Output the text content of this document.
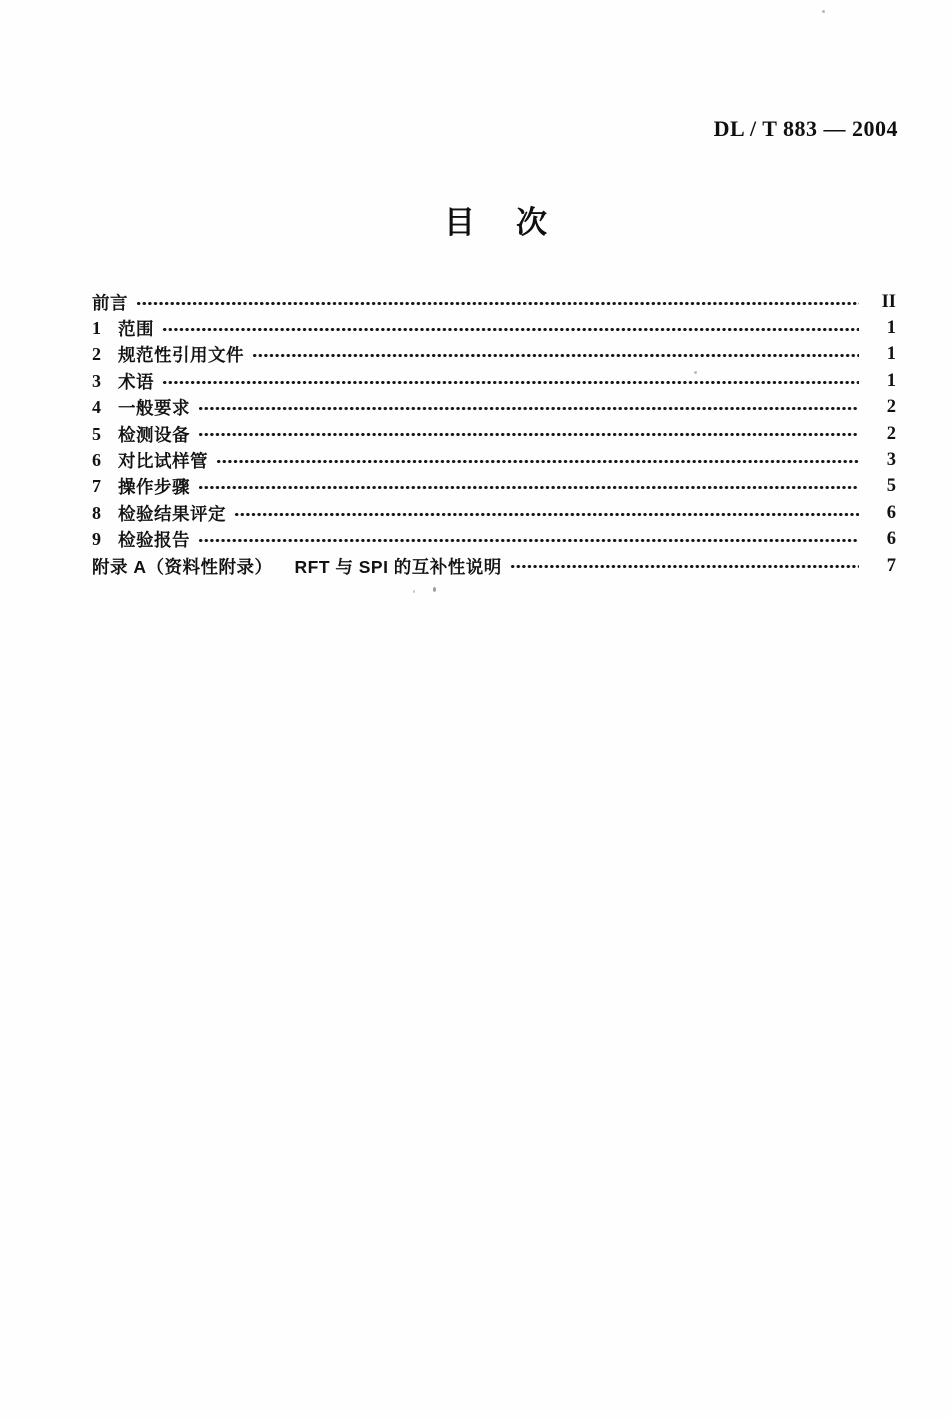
DL / T 883 — 2004
目 次
前言	II
1 范围	1
2 规范性引用文件	1
3 术语	1
4 一般要求	2
5 检测设备	2
6 对比试样管	3
7 操作步骤	5
8 检验结果评定	6
9 检验报告	6
附录 A（资料性附录） RFT 与 SPI 的互补性说明	7
